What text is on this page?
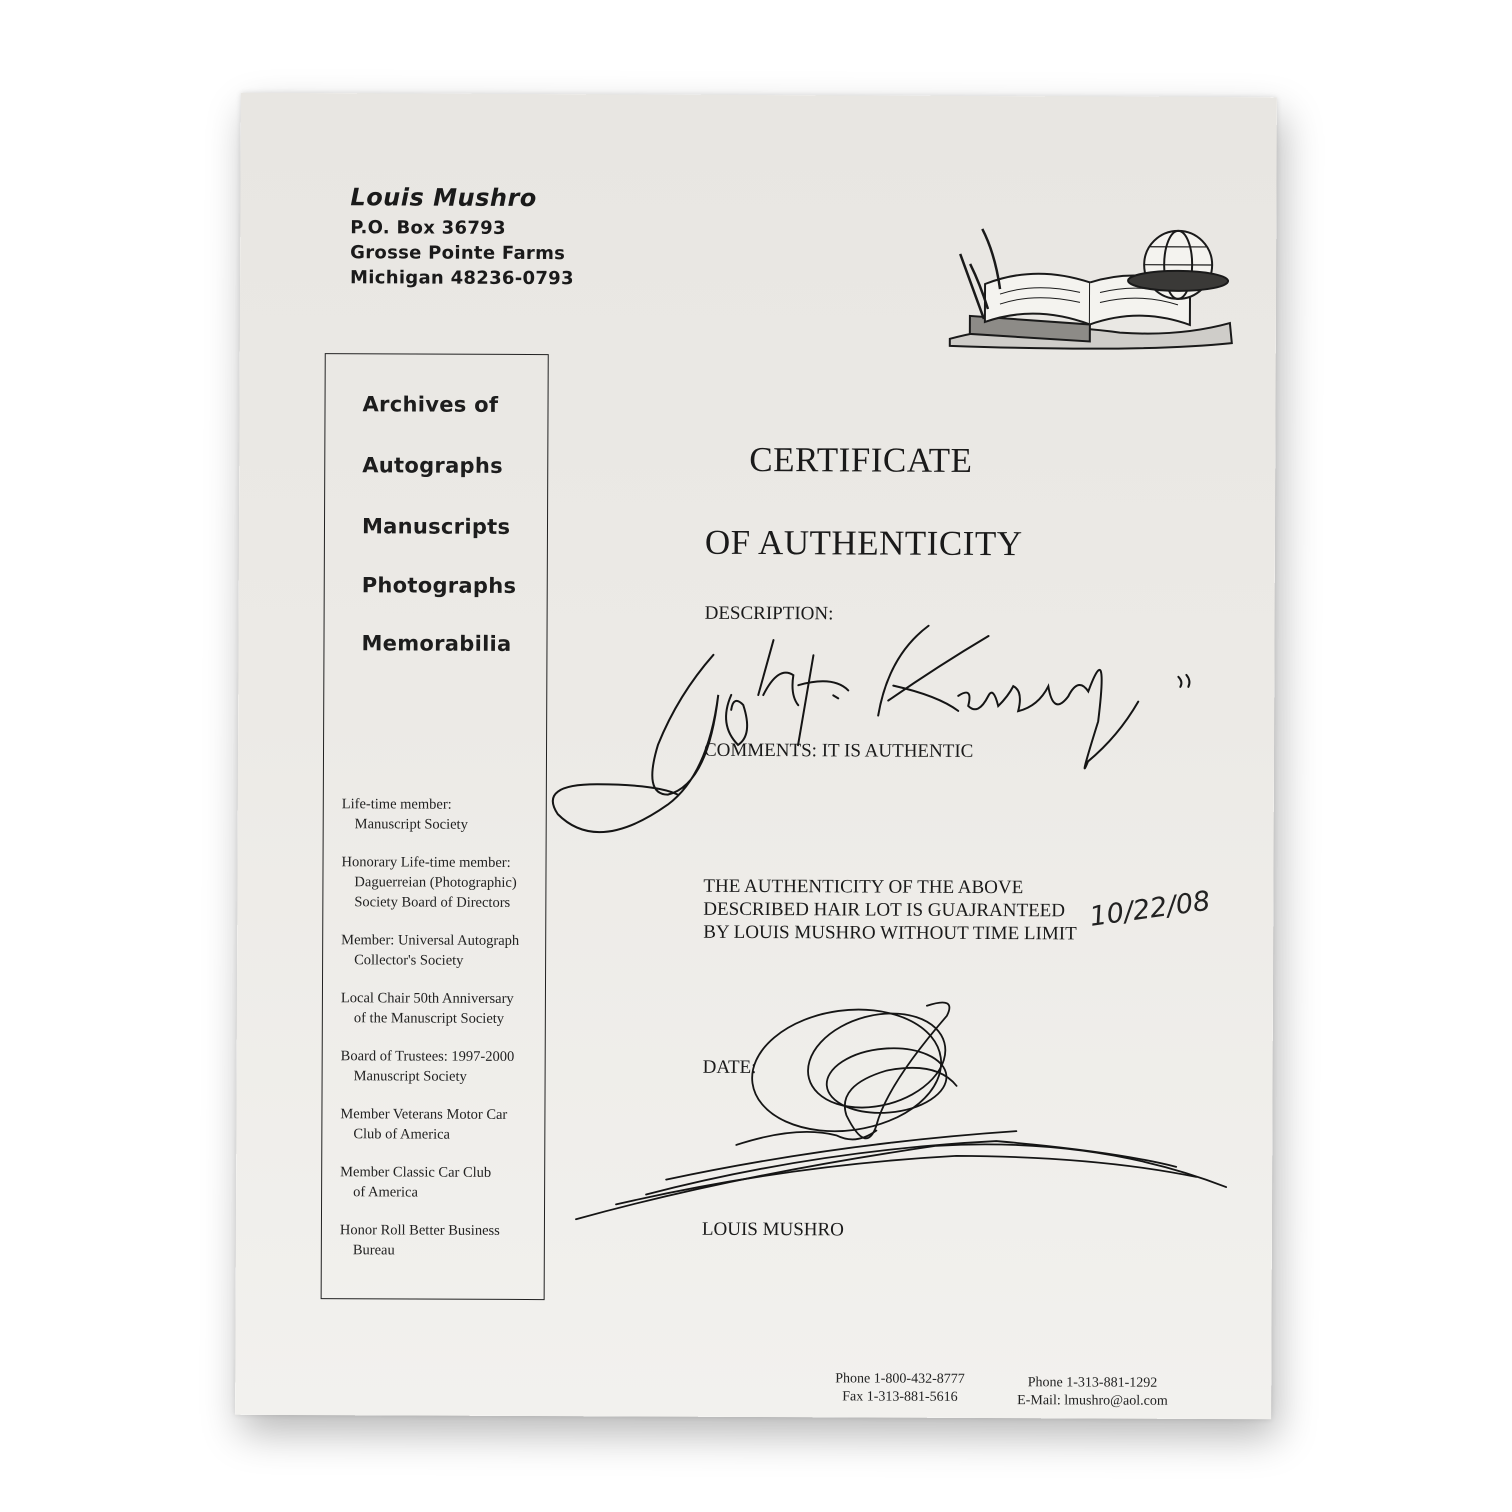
Louis Mushro
P.O. Box 36793
Grosse Pointe Farms
Michigan 48236-0793
Archives of
Autographs
Manuscripts
Photographs
Memorabilia
Life-time member:
Manuscript Society
Honorary Life-time member:
Daguerreian (Photographic) Society Board of Directors
Member: Universal Autograph
Collector's Society
Local Chair 50th Anniversary
of the Manuscript Society
Board of Trustees: 1997-2000
Manuscript Society
Member Veterans Motor Car
Club of America
Member Classic Car Club
of America
Honor Roll Better Business
Bureau
CERTIFICATE
OF AUTHENTICITY
DESCRIPTION:
COMMENTS: IT IS AUTHENTIC
THE AUTHENTICITY OF THE ABOVE DESCRIBED HAIR LOT IS GUAJRANTEED BY LOUIS MUSHRO WITHOUT TIME LIMIT
10/22/08
DATE:
LOUIS MUSHRO
Phone 1-800-432-8777
Fax 1-313-881-5616
Phone 1-313-881-1292
E-Mail: lmushro@aol.com
